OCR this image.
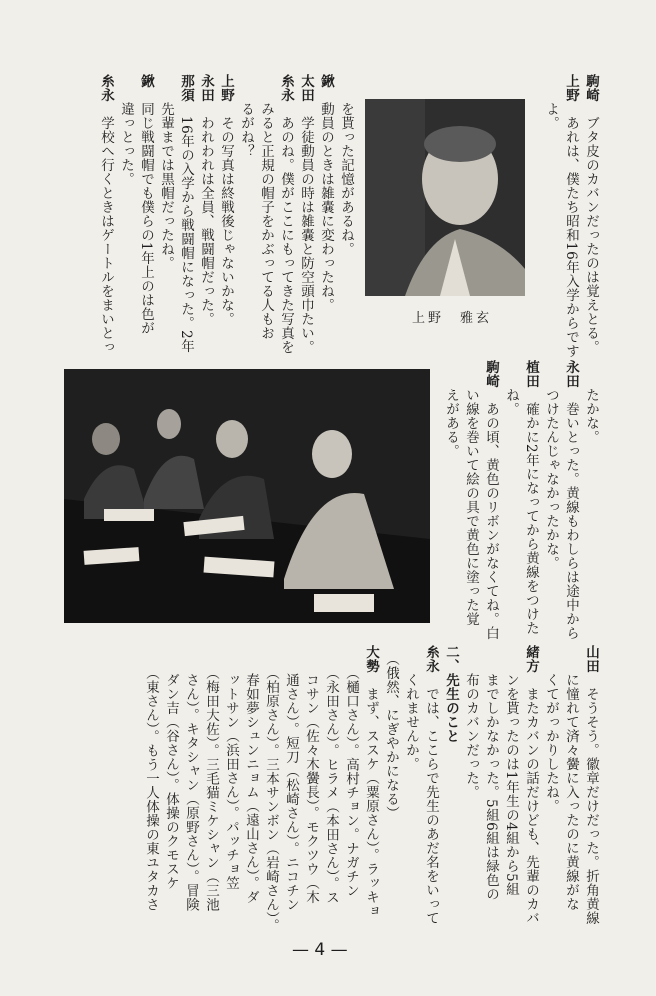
上野　雅玄
駒崎　ブタ皮のカバンだったのは覚えとる。
上野　あれは、僕たち昭和16年入学からです
　　よ。
　　を貰った記憶があるね。
鍬　動員のときは雑嚢に変わったね。
太田　学徒動員の時は雑嚢と防空頭巾たい。
糸永　あのね。僕がここにもってきた写真を
　　みると正規の帽子をかぶってる人もお
　　るがね？
上野　その写真は終戦後じゃないかな。
永田　われわれは全員、戦闘帽だった。
那須　16年の入学から戦闘帽になった。2年
　　先輩までは黒帽だったね。
鍬　同じ戦闘帽でも僕らの1年上のは色が
　　違っとった。
糸永　学校へ行くときはゲートルをまいとっ
　　たかな。
永田　巻いとった。黄線もわしらは途中から
　　つけたんじゃなかったかな。
植田　確かに2年になってから黄線をつけた
　　ね。
駒崎　あの頃、黄色のリボンがなくてね。白
　　い線を巻いて絵の具で黄色に塗った覚
　　えがある。
山田　そうそう。徽章だけだった。折角黄線
　　に憧れて済々黌に入ったのに黄線がな
　　くてがっかりしたね。
緒方　またカバンの話だけども、先輩のカバ
　　ンを貰ったのは1年生の4組から5組
　　までしかなかった。5組6組は緑色の
　　布のカバンだった。
二、先生のこと
糸永　では、ここらで先生のあだ名をいって
　　くれませんか。
　（俄然、にぎやかになる）
大勢　まず、ススケ（粟原さん）。ラッキョ
　　（樋口さん）。高村チョン。ナガチン
　　（永田さん）。ヒラメ（本田さん）。ス
　　コサン（佐々木黌長）。モクツウ（木
　　通さん）。短刀（松崎さん）。ニコチン
　　（柏原さん）。三本サンボン（岩崎さん）。
　　春如夢シュンニョム（遠山さん）。ダ
　　ットサン（浜田さん）。パッチョ笠
　　（梅田大佐）。三毛猫ミケシャン（三池
　　さん）。キタシャン（原野さん）。冒険
　　ダン吉（谷さん）。体操のクモスケ
　　（東さん）。もう一人体操の東ユタカさ
— 4 —
